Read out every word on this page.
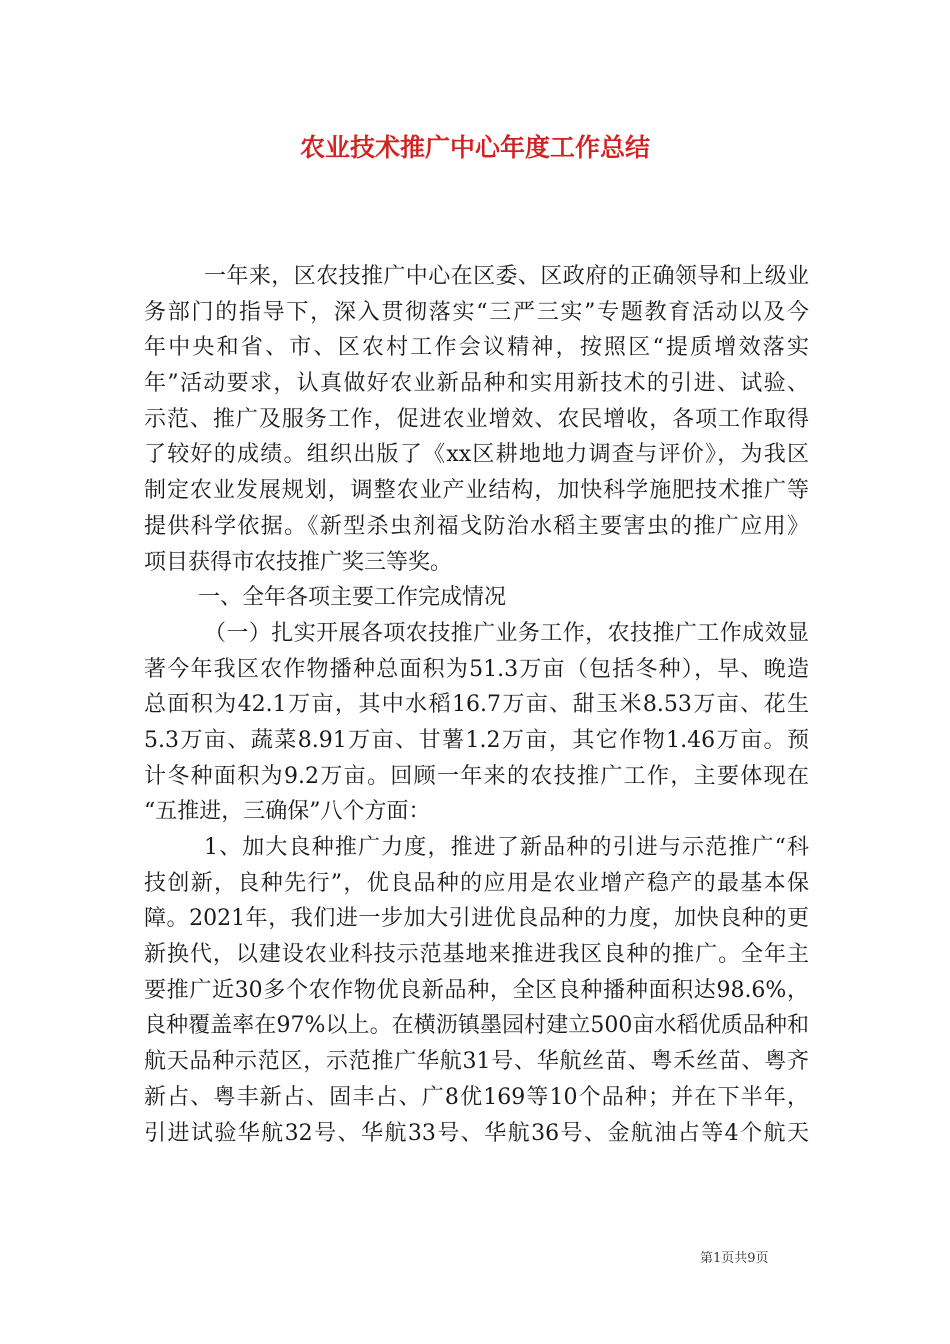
农业技术推广中心年度工作总结
一年来，区农技推广中心在区委、区政府的正确领导和上级业
务部门的指导下，深入贯彻落实“三严三实”专题教育活动以及今
年中央和省、市、区农村工作会议精神，按照区“提质增效落实
年”活动要求，认真做好农业新品种和实用新技术的引进、试验、
示范、推广及服务工作，促进农业增效、农民增收，各项工作取得
了较好的成绩。组织出版了《xx区耕地地力调查与评价》，为我区
制定农业发展规划，调整农业产业结构，加快科学施肥技术推广等
提供科学依据。《新型杀虫剂福戈防治水稻主要害虫的推广应用》
项目获得市农技推广奖三等奖。
一、全年各项主要工作完成情况
（一）扎实开展各项农技推广业务工作，农技推广工作成效显
著今年我区农作物播种总面积为51.3万亩（包括冬种），早、晚造
总面积为42.1万亩，其中水稻16.7万亩、甜玉米8.53万亩、花生
5.3万亩、蔬菜8.91万亩、甘薯1.2万亩，其它作物1.46万亩。预
计冬种面积为9.2万亩。回顾一年来的农技推广工作，主要体现在
“五推进，三确保”八个方面：
1、加大良种推广力度，推进了新品种的引进与示范推广“科
技创新，良种先行”，优良品种的应用是农业增产稳产的最基本保
障。2021年，我们进一步加大引进优良品种的力度，加快良种的更
新换代，以建设农业科技示范基地来推进我区良种的推广。全年主
要推广近30多个农作物优良新品种，全区良种播种面积达98.6%，
良种覆盖率在97%以上。在横沥镇墨园村建立500亩水稻优质品种和
航天品种示范区，示范推广华航31号、华航丝苗、粤禾丝苗、粤齐
新占、粤丰新占、固丰占、广8优169等10个品种；并在下半年，
引进试验华航32号、华航33号、华航36号、金航油占等4个航天
第1页共9页
